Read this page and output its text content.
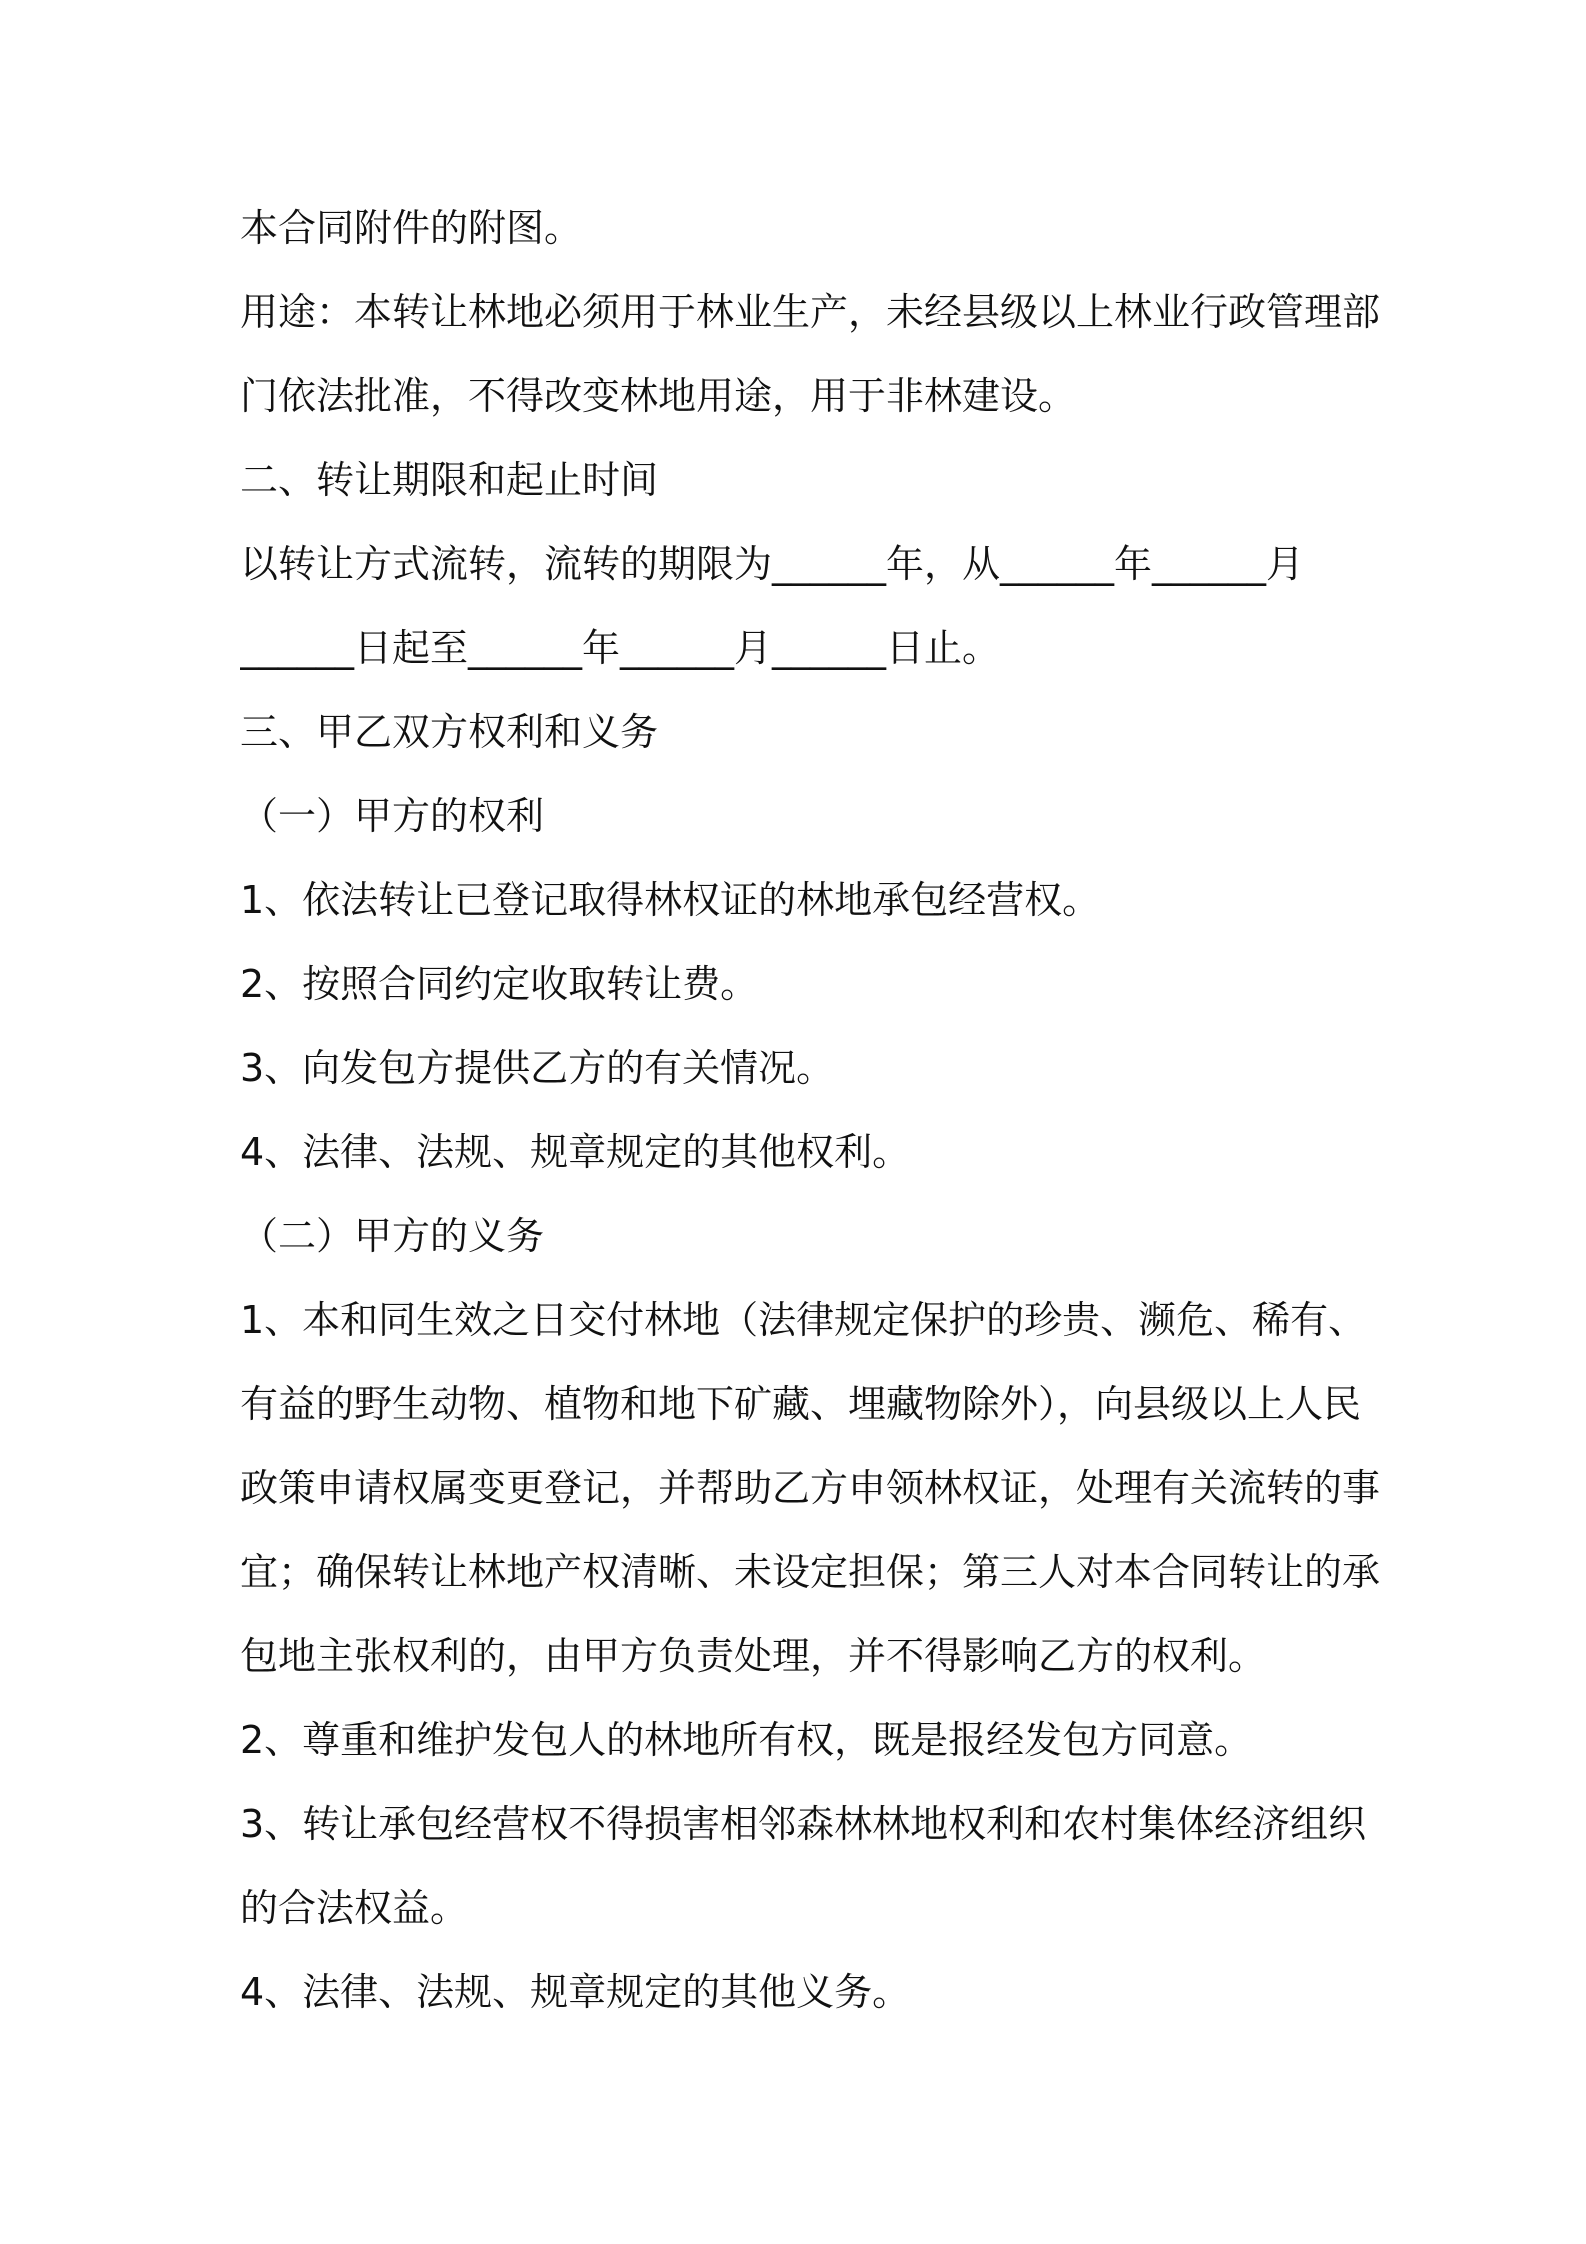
本合同附件的附图。
用途：本转让林地必须用于林业生产，未经县级以上林业行政管理部
门依法批准，不得改变林地用途，用于非林建设。
二、转让期限和起止时间
以转让方式流转，流转的期限为______年，从______年______月
______日起至______年______月______日止。
三、甲乙双方权利和义务
（一）甲方的权利
1、依法转让已登记取得林权证的林地承包经营权。
2、按照合同约定收取转让费。
3、向发包方提供乙方的有关情况。
4、法律、法规、规章规定的其他权利。
（二）甲方的义务
1、本和同生效之日交付林地（法律规定保护的珍贵、濒危、稀有、
有益的野生动物、植物和地下矿藏、埋藏物除外），向县级以上人民
政策申请权属变更登记，并帮助乙方申领林权证，处理有关流转的事
宜；确保转让林地产权清晰、未设定担保；第三人对本合同转让的承
包地主张权利的，由甲方负责处理，并不得影响乙方的权利。
2、尊重和维护发包人的林地所有权，既是报经发包方同意。
3、转让承包经营权不得损害相邻森林林地权利和农村集体经济组织
的合法权益。
4、法律、法规、规章规定的其他义务。
